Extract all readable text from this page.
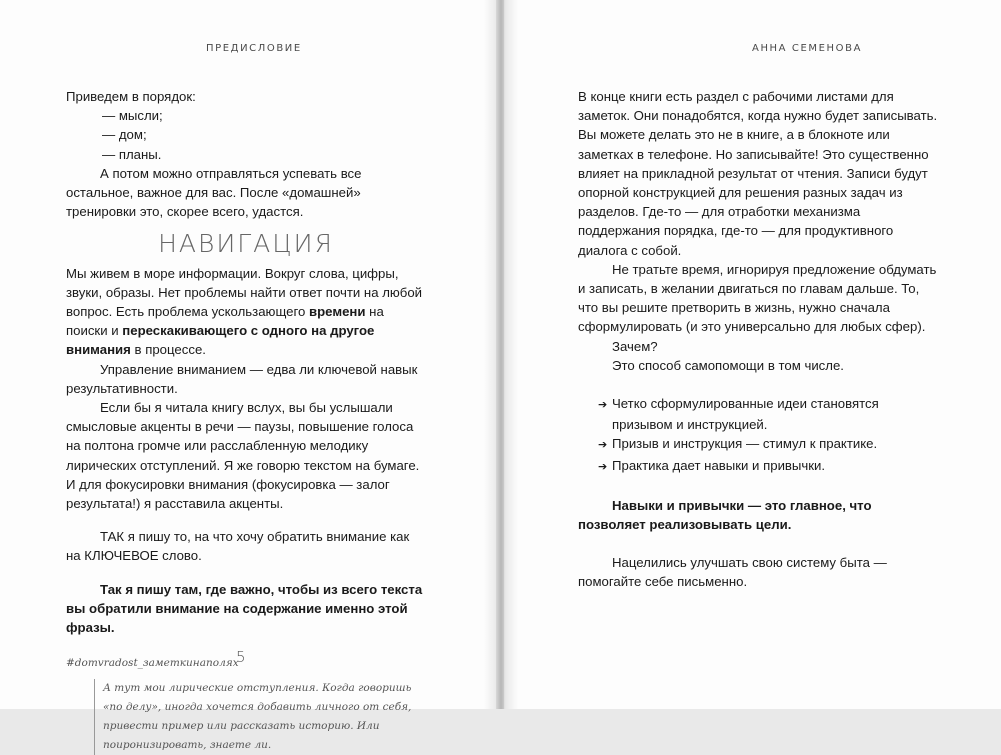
ПРЕДИСЛОВИЕ
5
АННА СЕМЕНОВА

Приведем в порядок:

— мысли;

— дом;

— планы.

А потом можно отправляться успевать все остальное, важное для вас. После «домашней» тренировки это, скорее всего, удастся.

НАВИГАЦИЯ

Мы живем в море информации. Вокруг слова, цифры, звуки, образы. Нет проблемы найти ответ почти на любой вопрос. Есть проблема ускользающего времени на поиски и перескакивающего с одного на другое внимания в процессе.

Управление вниманием — едва ли ключевой навык результативности.

Если бы я читала книгу вслух, вы бы услышали смысловые акценты в речи — паузы, повышение голоса на полтона громче или расслабленную мелодику лирических отступлений. Я же говорю текстом на бумаге. И для фокусировки внимания (фокусировка — залог результата!) я расставила акценты.

ТАК я пишу то, на что хочу обратить внимание как на КЛЮЧЕВОЕ слово.

Так я пишу там, где важно, чтобы из всего текста вы обратили внимание на содержание именно этой фразы.

#domvradost_заметкинаполях
А тут мои лирические отступления. Когда говоришь «по делу», иногда хочется добавить личного от себя, привести пример или рассказать историю. Или поиронизировать, знаете ли.

В конце книги есть раздел с рабочими листами для заметок. Они понадобятся, когда нужно будет записывать. Вы можете делать это не в книге, а в блокноте или заметках в телефоне. Но записывайте! Это существенно влияет на прикладной результат от чтения. Записи будут опорной конструкцией для решения разных задач из разделов. Где-то — для отработки механизма поддержания порядка, где-то — для продуктивного диалога с собой.

Не тратьте время, игнорируя предложение обдумать и записать, в желании двигаться по главам дальше. То, что вы решите претворить в жизнь, нужно сначала сформулировать (и это универсально для любых сфер).

Зачем?

Это способ самопомощи в том числе.

➔ Четко сформулированные идеи становятся призывом и инструкцией.

➔ Призыв и инструкция — стимул к практике.

➔ Практика дает навыки и привычки.

Навыки и привычки — это главное, что позволяет реализовывать цели.

Нацелились улучшать свою систему быта — помогайте себе письменно.
